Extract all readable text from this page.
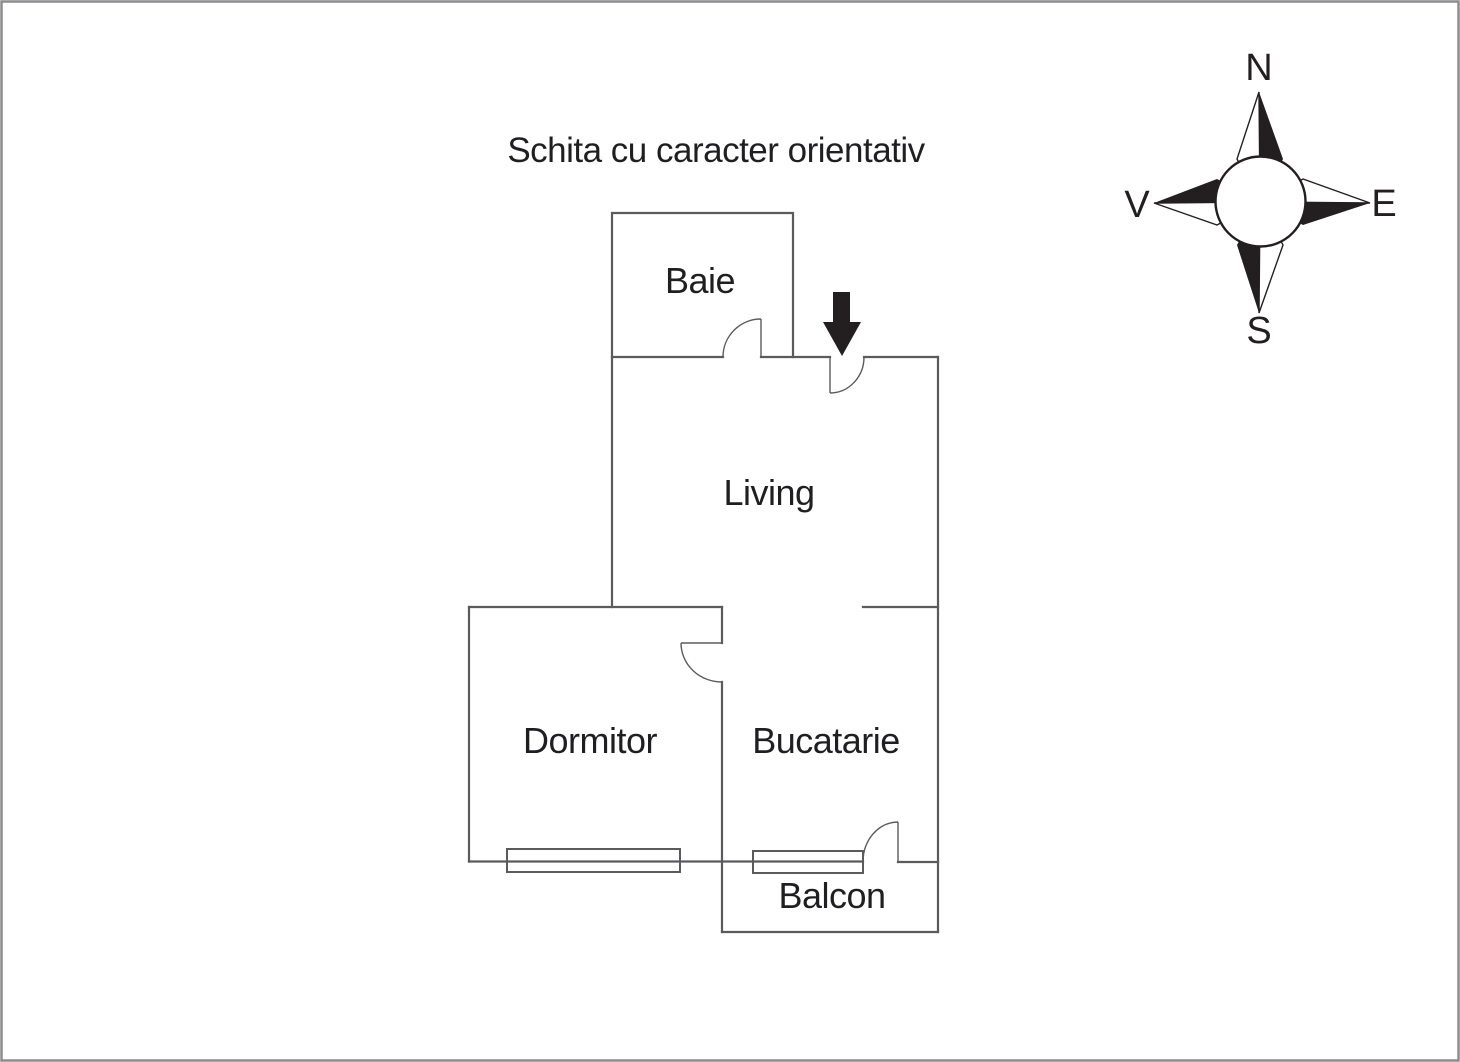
Schita cu caracter orientativ
Baie
Living
Dormitor	Bucatarie
Balcon
N
E
S
V
